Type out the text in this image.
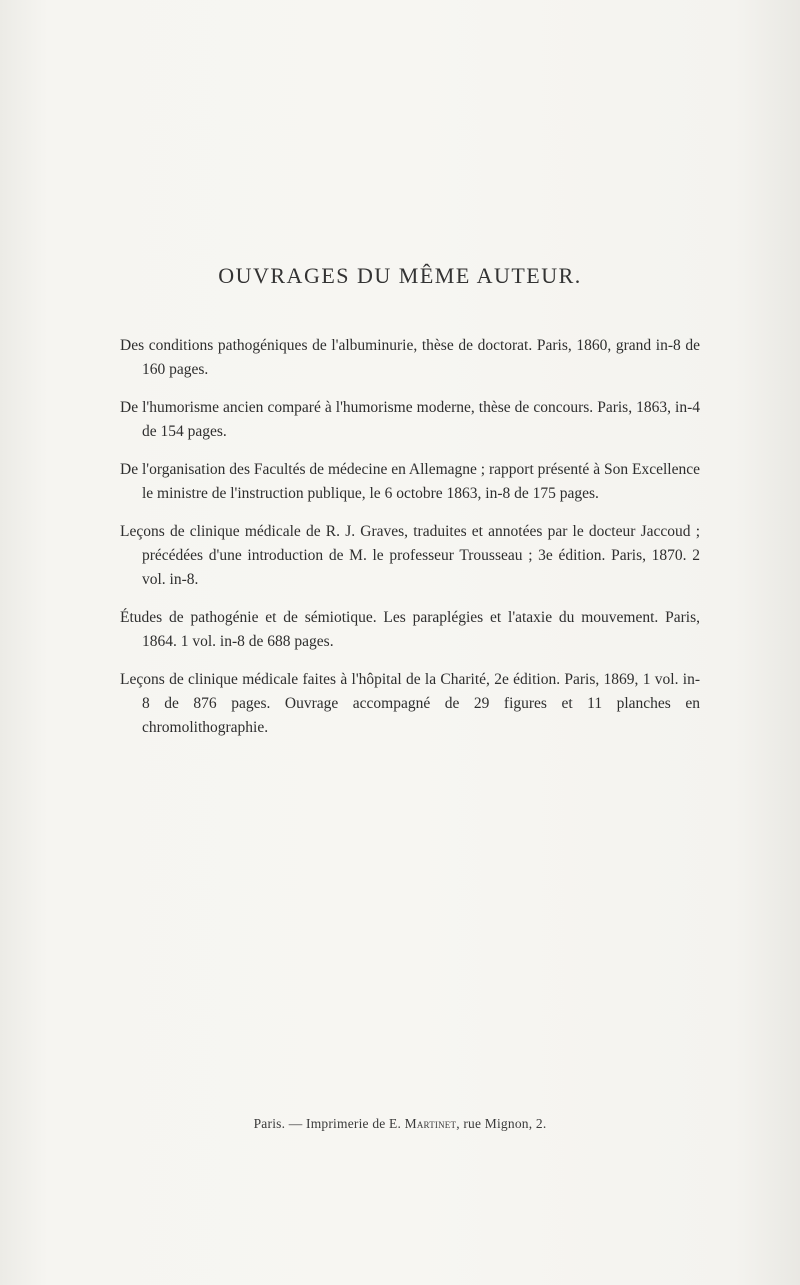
OUVRAGES DU MÊME AUTEUR.

Des conditions pathogéniques de l'albuminurie, thèse de doctorat. Paris, 1860, grand in-8 de 160 pages.

De l'humorisme ancien comparé à l'humorisme moderne, thèse de concours. Paris, 1863, in-4 de 154 pages.

De l'organisation des Facultés de médecine en Allemagne ; rapport présenté à Son Excellence le ministre de l'instruction publique, le 6 octobre 1863, in-8 de 175 pages.

Leçons de clinique médicale de R. J. Graves, traduites et annotées par le docteur Jaccoud ; précédées d'une introduction de M. le professeur Trousseau ; 3e édition. Paris, 1870. 2 vol. in-8.

Études de pathogénie et de sémiotique. Les paraplégies et l'ataxie du mouvement. Paris, 1864. 1 vol. in-8 de 688 pages.

Leçons de clinique médicale faites à l'hôpital de la Charité, 2e édition. Paris, 1869, 1 vol. in-8 de 876 pages. Ouvrage accompagné de 29 figures et 11 planches en chromolithographie.

Paris. — Imprimerie de E. Martinet, rue Mignon, 2.
